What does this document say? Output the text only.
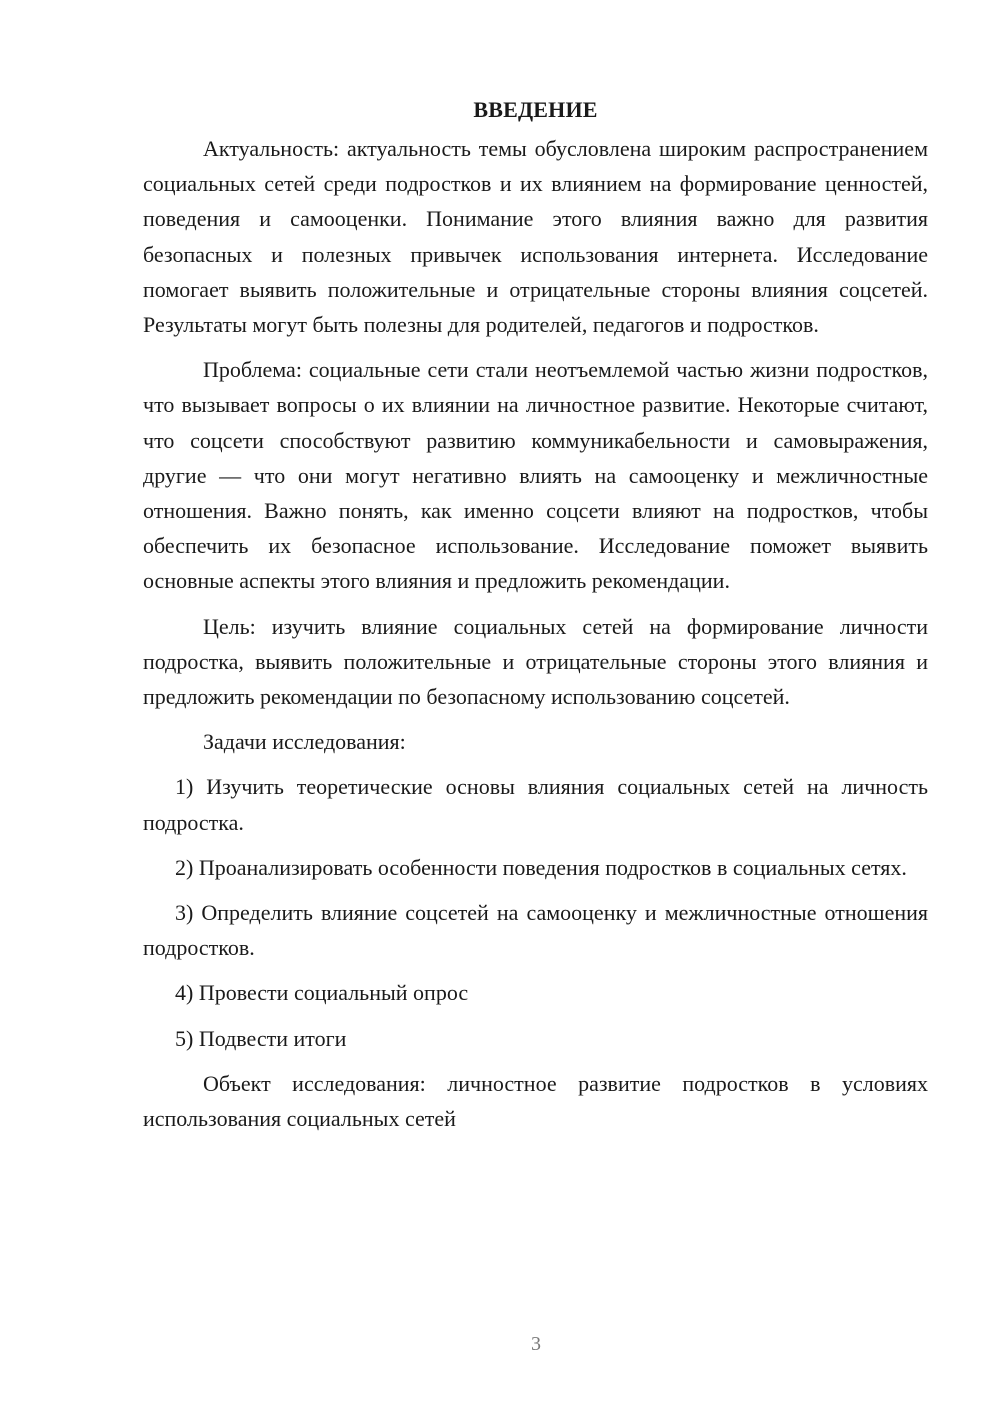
ВВЕДЕНИЕ

Актуальность: актуальность темы обусловлена широким распространением социальных сетей среди подростков и их влиянием на формирование ценностей, поведения и самооценки. Понимание этого влияния важно для развития безопасных и полезных привычек использования интернета. Исследование помогает выявить положительные и отрицательные стороны влияния соцсетей. Результаты могут быть полезны для родителей, педагогов и подростков.

Проблема: социальные сети стали неотъемлемой частью жизни подростков, что вызывает вопросы о их влиянии на личностное развитие. Некоторые считают, что соцсети способствуют развитию коммуникабельности и самовыражения, другие — что они могут негативно влиять на самооценку и межличностные отношения. Важно понять, как именно соцсети влияют на подростков, чтобы обеспечить их безопасное использование. Исследование поможет выявить основные аспекты этого влияния и предложить рекомендации.

Цель: изучить влияние социальных сетей на формирование личности подростка, выявить положительные и отрицательные стороны этого влияния и предложить рекомендации по безопасному использованию соцсетей.

Задачи исследования:

1) Изучить теоретические основы влияния социальных сетей на личность подростка.

2) Проанализировать особенности поведения подростков в социальных сетях.

3) Определить влияние соцсетей на самооценку и межличностные отношения подростков.

4) Провести социальный опрос

5) Подвести итоги

Объект исследования: личностное развитие подростков в условиях использования социальных сетей

3
